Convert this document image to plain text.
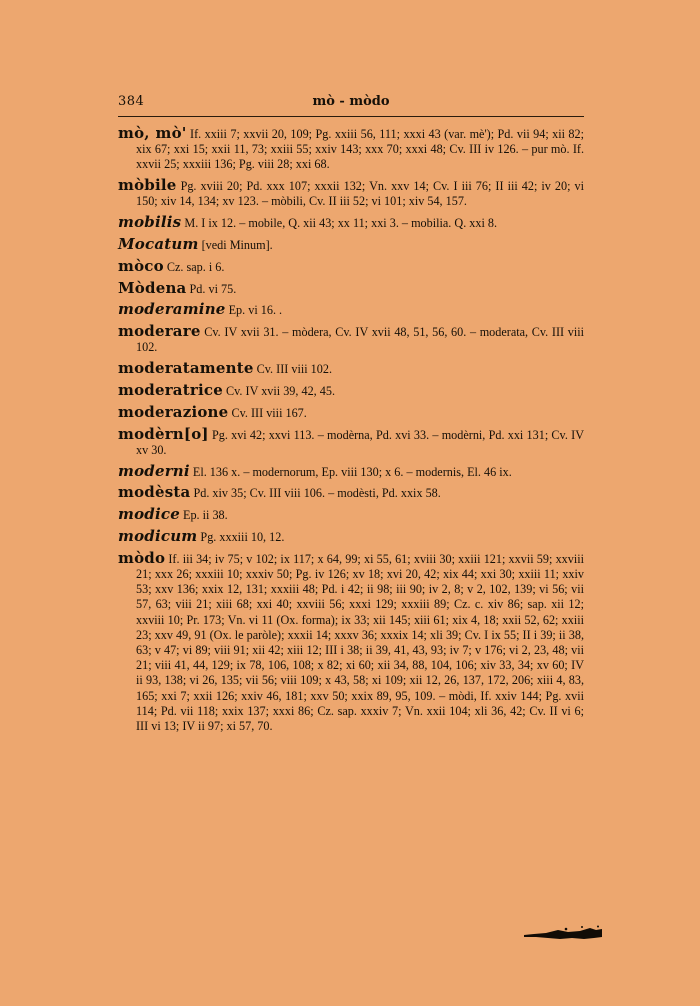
384	mò - mòdo

mò, mò' If. xxiii 7; xxvii 20, 109; Pg. xxiii 56, 111; xxxi 43 (var. mè'); Pd. vii 94; xii 82; xix 67; xxi 15; xxii 11, 73; xxiii 55; xxiv 143; xxx 70; xxxi 48; Cv. III iv 126. – pur mò. If. xxvii 25; xxxiii 136; Pg. viii 28; xxi 68.

mòbile Pg. xviii 20; Pd. xxx 107; xxxii 132; Vn. xxv 14; Cv. I iii 76; II iii 42; iv 20; vi 150; xiv 14, 134; xv 123. – mòbili, Cv. II iii 52; vi 101; xiv 54, 157.

mobilis M. I ix 12. – mobile, Q. xii 43; xx 11; xxi 3. – mobilia. Q. xxi 8.

Mocatum [vedi Minum].

mòco Cz. sap. i 6.

Mòdena Pd. vi 75.

moderamine Ep. vi 16. .

moderare Cv. IV xvii 31. – mòdera, Cv. IV xvii 48, 51, 56, 60. – moderata, Cv. III viii 102.

moderatamente Cv. III viii 102.

moderatrice Cv. IV xvii 39, 42, 45.

moderazione Cv. III viii 167.

modèrn[o] Pg. xvi 42; xxvi 113. – modèrna, Pd. xvi 33. – modèrni, Pd. xxi 131; Cv. IV xv 30.

moderni El. 136 x. – modernorum, Ep. viii 130; x 6. – modernis, El. 46 ix.

modèsta Pd. xiv 35; Cv. III viii 106. – modèsti, Pd. xxix 58.

modice Ep. ii 38.

modicum Pg. xxxiii 10, 12.

mòdo If. iii 34; iv 75; v 102; ix 117; x 64, 99; xi 55, 61; xviii 30; xxiii 121; xxvii 59; xxviii 21; xxx 26; xxxiii 10; xxxiv 50; Pg. iv 126; xv 18; xvi 20, 42; xix 44; xxi 30; xxiii 11; xxiv 53; xxv 136; xxix 12, 131; xxxiii 48; Pd. i 42; ii 98; iii 90; iv 2, 8; v 2, 102, 139; vi 56; vii 57, 63; viii 21; xiii 68; xxi 40; xxviii 56; xxxi 129; xxxiii 89; Cz. c. xiv 86; sap. xii 12; xxviii 10; Pr. 173; Vn. vi 11 (Ox. forma); ix 33; xii 145; xiii 61; xix 4, 18; xxii 52, 62; xxiii 23; xxv 49, 91 (Ox. le paròle); xxxii 14; xxxv 36; xxxix 14; xli 39; Cv. I ix 55; II i 39; ii 38, 63; v 47; vi 89; viii 91; xii 42; xiii 12; III i 38; ii 39, 41, 43, 93; iv 7; v 176; vi 2, 23, 48; vii 21; viii 41, 44, 129; ix 78, 106, 108; x 82; xi 60; xii 34, 88, 104, 106; xiv 33, 34; xv 60; IV ii 93, 138; vi 26, 135; vii 56; viii 109; x 43, 58; xi 109; xii 12, 26, 137, 172, 206; xiii 4, 83, 165; xxi 7; xxii 126; xxiv 46, 181; xxv 50; xxix 89, 95, 109. – mòdi, If. xxiv 144; Pg. xvii 114; Pd. vii 118; xxix 137; xxxi 86; Cz. sap. xxxiv 7; Vn. xxii 104; xli 36, 42; Cv. II vi 6; III vi 13; IV ii 97; xi 57, 70.
